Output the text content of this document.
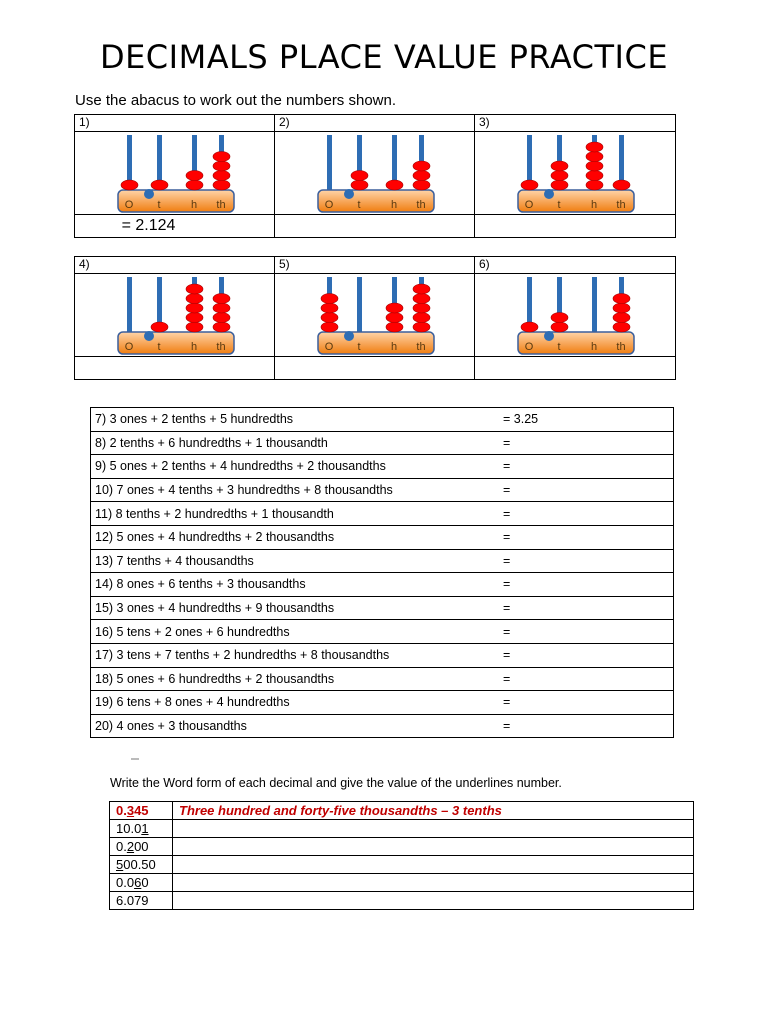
DECIMALS PLACE VALUE PRACTICE
Use the abacus to work out the numbers shown.
1)	2)	3)

O t h th	O t h th	O t h th

= 2.124		
4)	5)	6)

O t h th	O t h th	O t h th

7) 3 ones + 2 tenths + 5 hundredths	= 3.25
8) 2 tenths + 6 hundredths + 1 thousandth	=
9) 5 ones + 2 tenths + 4 hundredths + 2 thousandths	=
10) 7 ones + 4 tenths + 3 hundredths + 8 thousandths	=
11) 8 tenths + 2 hundredths + 1 thousandth	=
12) 5 ones + 4 hundredths + 2 thousandths	=
13) 7 tenths + 4 thousandths	=
14) 8 ones + 6 tenths + 3 thousandths	=
15) 3 ones + 4 hundredths + 9 thousandths	=
16) 5 tens + 2 ones + 6 hundredths	=
17) 3 tens + 7 tenths + 2 hundredths + 8 thousandths	=
18) 5 ones + 6 hundredths + 2 thousandths	=
19) 6 tens + 8 ones + 4 hundredths	=
20) 4 ones + 3 thousandths	=
Write the Word form of each decimal and give the value of the underlines number.
0.345	Three hundred and forty-five thousandths – 3 tenths
10.01	
0.200	
500.50	
0.060	
6.079	
